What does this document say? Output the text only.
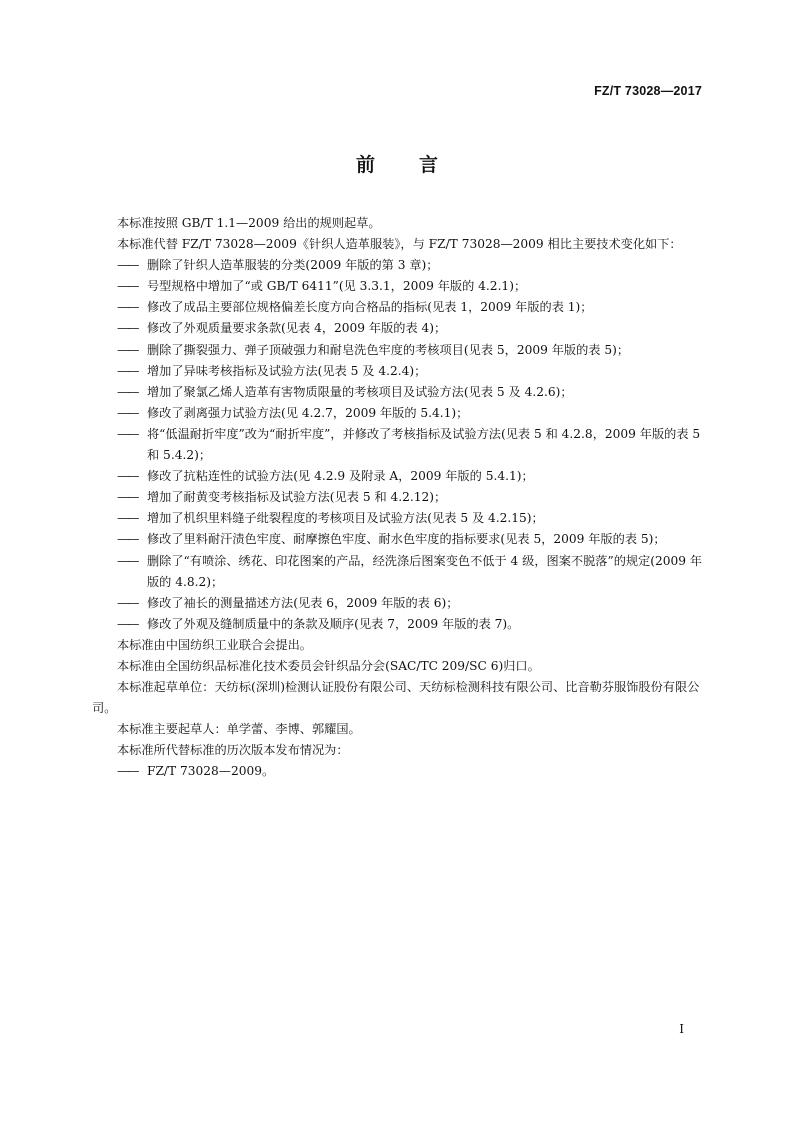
FZ/T 73028—2017
前 言

本标准按照 GB/T 1.1—2009 给出的规则起草。

本标准代替 FZ/T 73028—2009《针织人造革服装》，与 FZ/T 73028—2009 相比主要技术变化如下：

—— 删除了针织人造革服装的分类(2009 年版的第 3 章)；

—— 号型规格中增加了“或 GB/T 6411”(见 3.3.1，2009 年版的 4.2.1)；

—— 修改了成品主要部位规格偏差长度方向合格品的指标(见表 1，2009 年版的表 1)；

—— 修改了外观质量要求条款(见表 4，2009 年版的表 4)；

—— 删除了撕裂强力、弹子顶破强力和耐皂洗色牢度的考核项目(见表 5，2009 年版的表 5)；

—— 增加了异味考核指标及试验方法(见表 5 及 4.2.4)；

—— 增加了聚氯乙烯人造革有害物质限量的考核项目及试验方法(见表 5 及 4.2.6)；

—— 修改了剥离强力试验方法(见 4.2.7，2009 年版的 5.4.1)；

—— 将“低温耐折牢度”改为“耐折牢度”，并修改了考核指标及试验方法(见表 5 和 4.2.8，2009 年版的表 5 和 5.4.2)；

—— 修改了抗粘连性的试验方法(见 4.2.9 及附录 A，2009 年版的 5.4.1)；

—— 增加了耐黄变考核指标及试验方法(见表 5 和 4.2.12)；

—— 增加了机织里料缝子纰裂程度的考核项目及试验方法(见表 5 及 4.2.15)；

—— 修改了里料耐汗渍色牢度、耐摩擦色牢度、耐水色牢度的指标要求(见表 5，2009 年版的表 5)；

—— 删除了“有喷涂、绣花、印花图案的产品，经洗涤后图案变色不低于 4 级，图案不脱落”的规定(2009 年版的 4.8.2)；

—— 修改了袖长的测量描述方法(见表 6，2009 年版的表 6)；

—— 修改了外观及缝制质量中的条款及顺序(见表 7，2009 年版的表 7)。

本标准由中国纺织工业联合会提出。

本标准由全国纺织品标准化技术委员会针织品分会(SAC/TC 209/SC 6)归口。

本标准起草单位：天纺标(深圳)检测认证股份有限公司、天纺标检测科技有限公司、比音勒芬服饰股份有限公司。

本标准主要起草人：单学蕾、李博、郭耀国。

本标准所代替标准的历次版本发布情况为：

—— FZ/T 73028—2009。

I
